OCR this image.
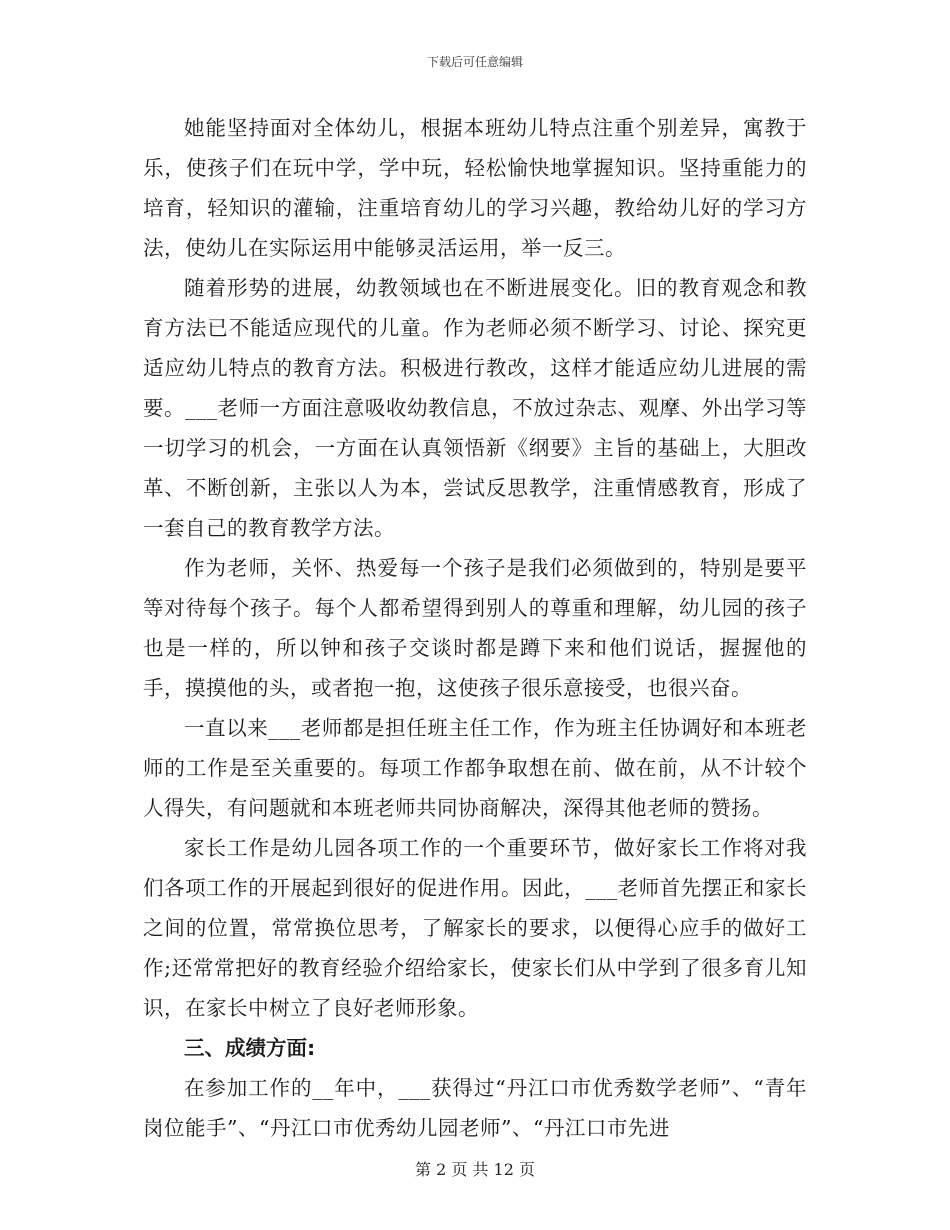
下载后可任意编辑

她能坚持面对全体幼儿，根据本班幼儿特点注重个别差异，寓教于乐，使孩子们在玩中学，学中玩，轻松愉快地掌握知识。坚持重能力的培育，轻知识的灌输，注重培育幼儿的学习兴趣，教给幼儿好的学习方法，使幼儿在实际运用中能够灵活运用，举一反三。

随着形势的进展，幼教领域也在不断进展变化。旧的教育观念和教育方法已不能适应现代的儿童。作为老师必须不断学习、讨论、探究更适应幼儿特点的教育方法。积极进行教改，这样才能适应幼儿进展的需要。___老师一方面注意吸收幼教信息，不放过杂志、观摩、外出学习等一切学习的机会，一方面在认真领悟新《纲要》主旨的基础上，大胆改革、不断创新，主张以人为本，尝试反思教学，注重情感教育，形成了一套自己的教育教学方法。

作为老师，关怀、热爱每一个孩子是我们必须做到的，特别是要平等对待每个孩子。每个人都希望得到别人的尊重和理解，幼儿园的孩子也是一样的，所以钟和孩子交谈时都是蹲下来和他们说话，握握他的手，摸摸他的头，或者抱一抱，这使孩子很乐意接受，也很兴奋。

一直以来___老师都是担任班主任工作，作为班主任协调好和本班老师的工作是至关重要的。每项工作都争取想在前、做在前，从不计较个人得失，有问题就和本班老师共同协商解决，深得其他老师的赞扬。

家长工作是幼儿园各项工作的一个重要环节，做好家长工作将对我们各项工作的开展起到很好的促进作用。因此，___老师首先摆正和家长之间的位置，常常换位思考，了解家长的要求，以便得心应手的做好工作;还常常把好的教育经验介绍给家长，使家长们从中学到了很多育儿知识，在家长中树立了良好老师形象。

三、成绩方面:

在参加工作的__年中，___获得过“丹江口市优秀数学老师”、“青年岗位能手”、“丹江口市优秀幼儿园老师”、“丹江口市先进

第 2 页 共 12 页
